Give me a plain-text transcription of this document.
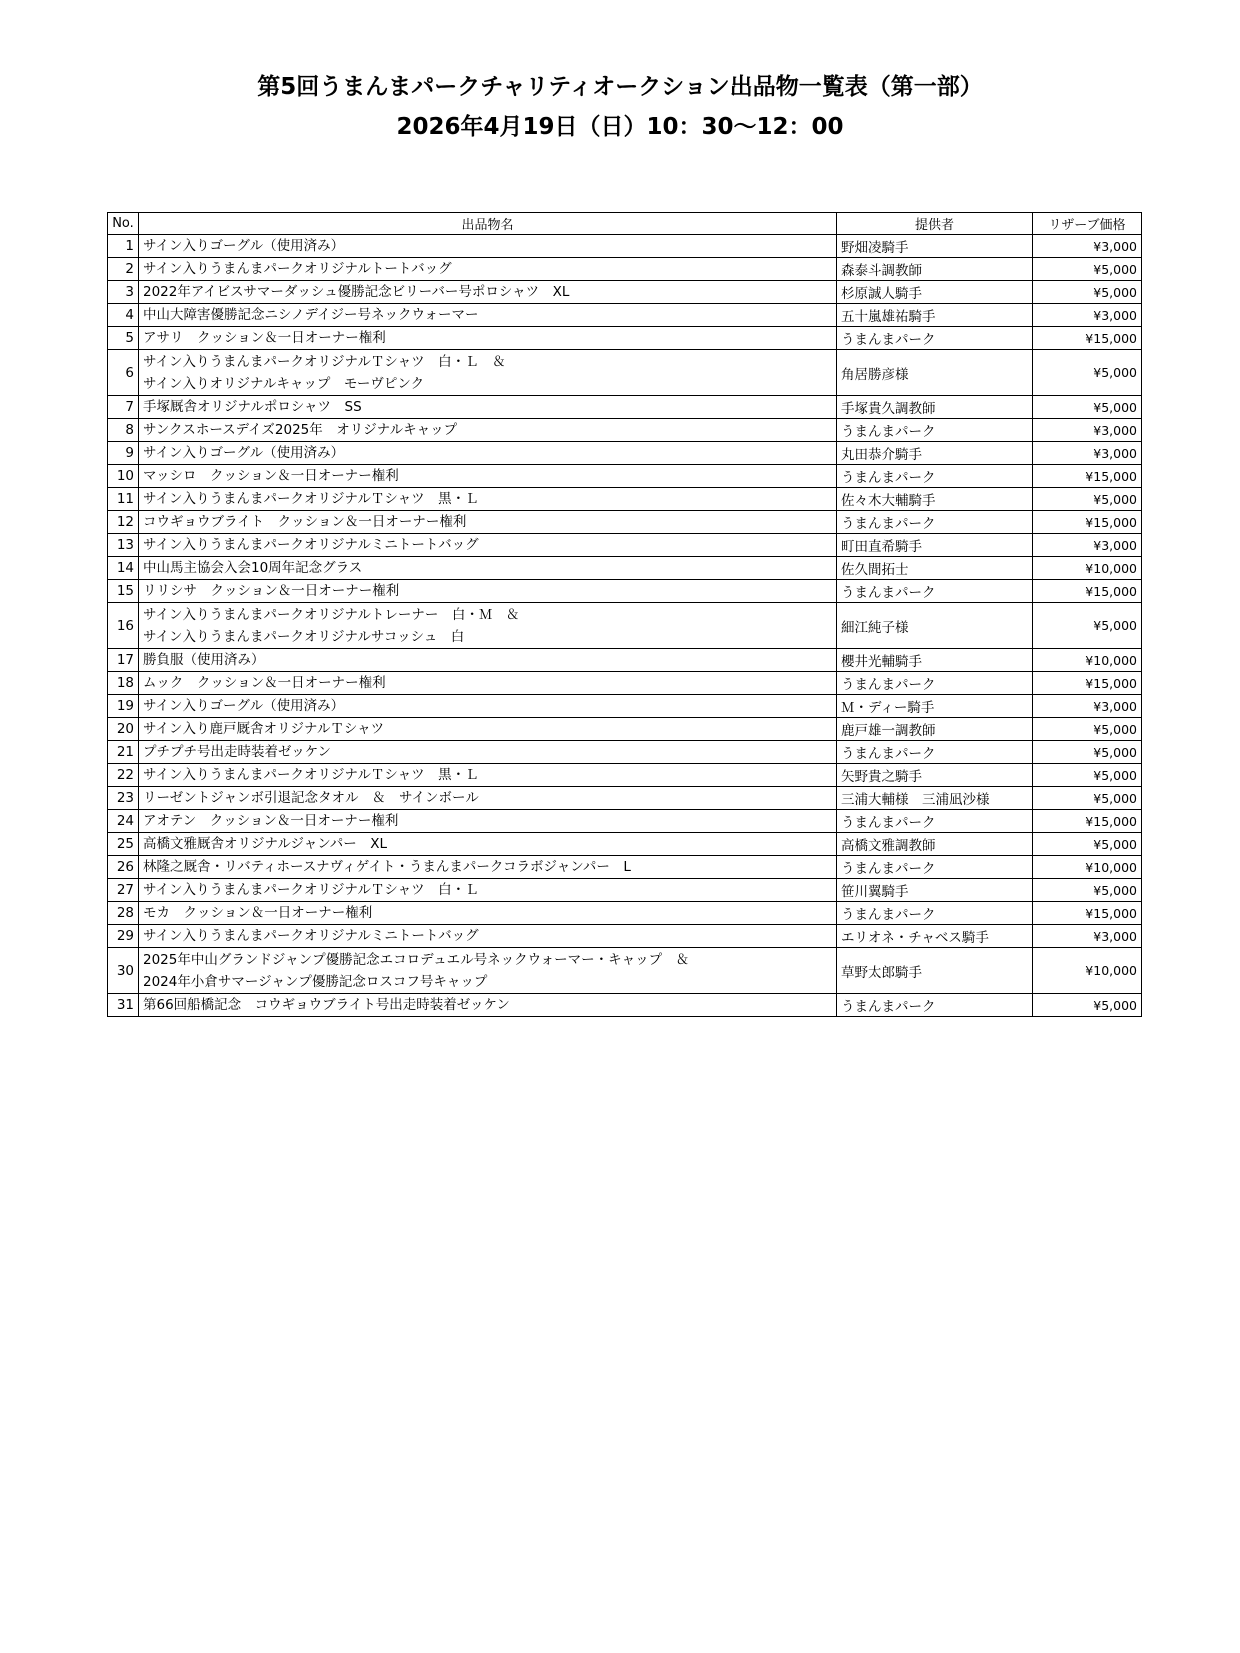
第5回うまんまパークチャリティオークション出品物一覧表（第一部）
2026年4月19日（日）10：30〜12：00
No.	出品物名	提供者	リザーブ価格
1	サイン入りゴーグル（使用済み）	野畑凌騎手	¥3,000
2	サイン入りうまんまパークオリジナルトートバッグ	森泰斗調教師	¥5,000
3	2022年アイビスサマーダッシュ優勝記念ビリーバー号ポロシャツ　XL	杉原誠人騎手	¥5,000
4	中山大障害優勝記念ニシノデイジー号ネックウォーマー	五十嵐雄祐騎手	¥3,000
5	アサリ　クッション＆一日オーナー権利	うまんまパーク	¥15,000
6	サイン入りうまんまパークオリジナルＴシャツ　白・Ｌ　＆
サイン入りオリジナルキャップ　モーヴピンク	角居勝彦様	¥5,000
7	手塚厩舎オリジナルポロシャツ　SS	手塚貴久調教師	¥5,000
8	サンクスホースデイズ2025年　オリジナルキャップ	うまんまパーク	¥3,000
9	サイン入りゴーグル（使用済み）	丸田恭介騎手	¥3,000
10	マッシロ　クッション＆一日オーナー権利	うまんまパーク	¥15,000
11	サイン入りうまんまパークオリジナルＴシャツ　黒・Ｌ	佐々木大輔騎手	¥5,000
12	コウギョウブライト　クッション＆一日オーナー権利	うまんまパーク	¥15,000
13	サイン入りうまんまパークオリジナルミニトートバッグ	町田直希騎手	¥3,000
14	中山馬主協会入会10周年記念グラス	佐久間拓士	¥10,000
15	リリシサ　クッション＆一日オーナー権利	うまんまパーク	¥15,000
16	サイン入りうまんまパークオリジナルトレーナー　白・Ｍ　＆
サイン入りうまんまパークオリジナルサコッシュ　白	細江純子様	¥5,000
17	勝負服（使用済み）	櫻井光輔騎手	¥10,000
18	ムック　クッション＆一日オーナー権利	うまんまパーク	¥15,000
19	サイン入りゴーグル（使用済み）	Ｍ・ディー騎手	¥3,000
20	サイン入り鹿戸厩舎オリジナルＴシャツ	鹿戸雄一調教師	¥5,000
21	プチプチ号出走時装着ゼッケン	うまんまパーク	¥5,000
22	サイン入りうまんまパークオリジナルＴシャツ　黒・Ｌ	矢野貴之騎手	¥5,000
23	リーゼントジャンボ引退記念タオル　＆　サインボール	三浦大輔様　三浦凪沙様	¥5,000
24	アオテン　クッション＆一日オーナー権利	うまんまパーク	¥15,000
25	高橋文雅厩舎オリジナルジャンパー　XL	高橋文雅調教師	¥5,000
26	林隆之厩舎・リバティホースナヴィゲイト・うまんまパークコラボジャンパー　L	うまんまパーク	¥10,000
27	サイン入りうまんまパークオリジナルＴシャツ　白・Ｌ	笹川翼騎手	¥5,000
28	モカ　クッション＆一日オーナー権利	うまんまパーク	¥15,000
29	サイン入りうまんまパークオリジナルミニトートバッグ	エリオネ・チャベス騎手	¥3,000
30	2025年中山グランドジャンプ優勝記念エコロデュエル号ネックウォーマー・キャップ　＆
2024年小倉サマージャンプ優勝記念ロスコフ号キャップ	草野太郎騎手	¥10,000
31	第66回船橋記念　コウギョウブライト号出走時装着ゼッケン	うまんまパーク	¥5,000
